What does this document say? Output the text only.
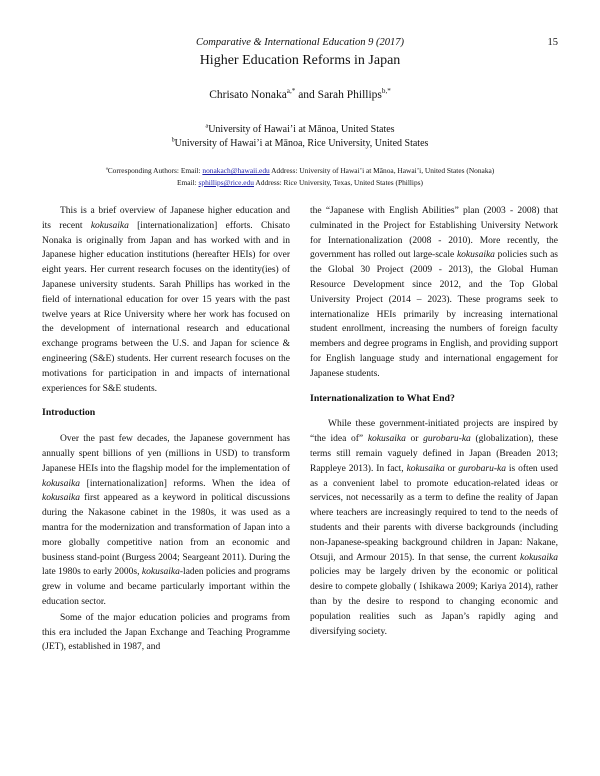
Comparative & International Education 9 (2017)	15
Higher Education Reforms in Japan
Chrisato Nonaka$^{a,*}$ and Sarah Phillips$^{b,*}$
$^a$University of Hawai’i at Mānoa, United States
$^b$University of Hawai’i at Mānoa, Rice University, United States
$^a$Corresponding Authors: Email: nonakach@hawaii.edu Address: University of Hawai’i at Mānoa, Hawai’i, United States (Nonaka)
Email: sphillips@rice.edu Address: Rice University, Texas, United States (Phillips)

This is a brief overview of Japanese higher education and its recent kokusaika [internationalization] efforts. Chisato Nonaka is originally from Japan and has worked with and in Japanese higher education institutions (hereafter HEIs) for over eight years. Her current research focuses on the identity(ies) of Japanese university students. Sarah Phillips has worked in the field of international education for over 15 years with the past twelve years at Rice University where her work has focused on the development of international research and educational exchange programs between the U.S. and Japan for science & engineering (S&E) students. Her current research focuses on the motivations for participation in and impacts of international experiences for S&E students.

Introduction

Over the past few decades, the Japanese government has annually spent billions of yen (millions in USD) to transform Japanese HEIs into the flagship model for the implementation of kokusaika [internationalization] reforms. When the idea of kokusaika first appeared as a keyword in political discussions during the Nakasone cabinet in the 1980s, it was used as a mantra for the modernization and transformation of Japan into a more globally competitive nation from an economic and business stand-point (Burgess 2004; Seargeant 2011). During the late 1980s to early 2000s, kokusaika-laden policies and programs grew in volume and became particularly important within the education sector.

Some of the major education policies and programs from this era included the Japan Exchange and Teaching Programme (JET), established in 1987, and

the “Japanese with English Abilities” plan (2003 - 2008) that culminated in the Project for Establishing University Network for Internationalization (2008 - 2010). More recently, the government has rolled out large-scale kokusaika policies such as the Global 30 Project (2009 - 2013), the Global Human Resource Development since 2012, and the Top Global University Project (2014 – 2023). These programs seek to internationalize HEIs primarily by increasing international student enrollment, increasing the numbers of foreign faculty members and degree programs in English, and providing support for English language study and international engagement for Japanese students.

Internationalization to What End?

While these government-initiated projects are inspired by “the idea of” kokusaika or gurobaru-ka (globalization), these terms still remain vaguely defined in Japan (Breaden 2013; Rappleye 2013). In fact, kokusaika or gurobaru-ka is often used as a convenient label to promote education-related ideas or services, not necessarily as a term to define the reality of Japan where teachers are increasingly required to tend to the needs of students and their parents with diverse backgrounds (including non-Japanese-speaking background children in Japan: Nakane, Otsuji, and Armour 2015). In that sense, the current kokusaika policies may be largely driven by the economic or political desire to compete globally ( Ishikawa 2009; Kariya 2014), rather than by the desire to respond to changing economic and population realities such as Japan’s rapidly aging and diversifying society.
